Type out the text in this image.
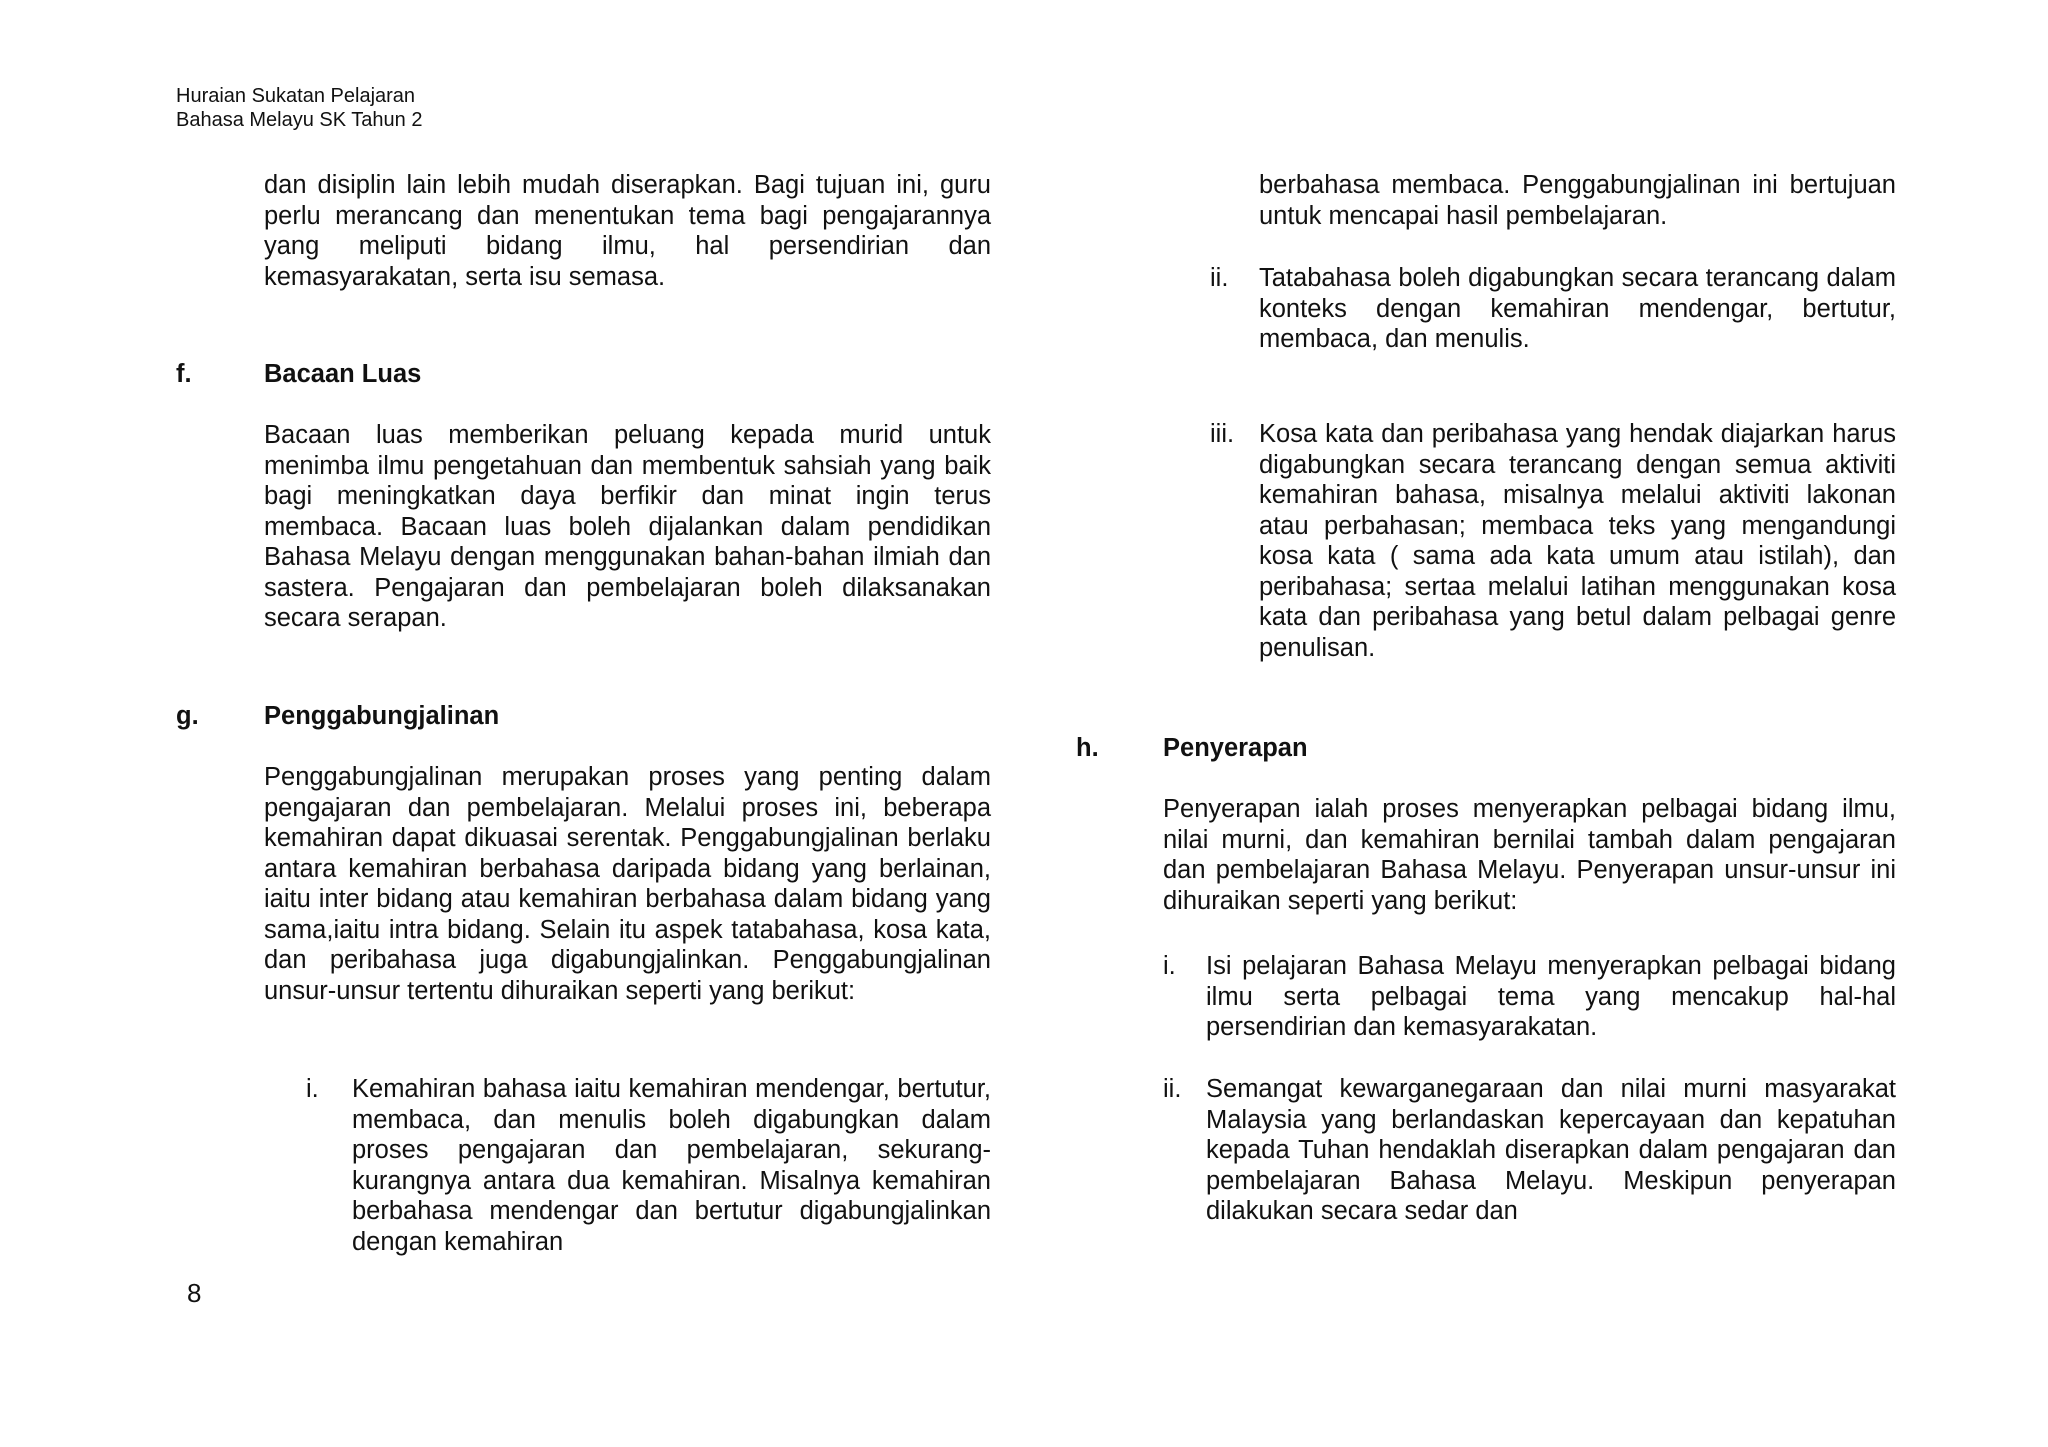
Huraian Sukatan Pelajaran
Bahasa Melayu SK Tahun 2

dan disiplin lain lebih mudah diserapkan. Bagi tujuan ini, guru perlu merancang dan menentukan tema bagi pengajarannya yang meliputi bidang ilmu, hal persendirian dan kemasyarakatan, serta isu semasa.

f.	Bacaan Luas

Bacaan luas memberikan peluang kepada murid untuk menimba ilmu pengetahuan dan membentuk sahsiah yang baik bagi meningkatkan daya berfikir dan minat ingin terus membaca. Bacaan luas boleh dijalankan dalam pendidikan Bahasa Melayu dengan menggunakan bahan-bahan ilmiah dan sastera. Pengajaran dan pembelajaran boleh dilaksanakan secara serapan.

g.	Penggabungjalinan

Penggabungjalinan merupakan proses yang penting dalam pengajaran dan pembelajaran. Melalui proses ini, beberapa kemahiran dapat dikuasai serentak. Penggabungjalinan berlaku antara kemahiran berbahasa daripada bidang yang berlainan, iaitu inter bidang atau kemahiran berbahasa dalam bidang yang sama,iaitu intra bidang. Selain itu aspek tatabahasa, kosa kata, dan peribahasa juga digabungjalinkan. Penggabungjalinan unsur-unsur tertentu dihuraikan seperti yang berikut:

i.	Kemahiran bahasa iaitu kemahiran mendengar, bertutur, membaca, dan menulis boleh digabungkan dalam proses pengajaran dan pembelajaran, sekurang-kurangnya antara dua kemahiran. Misalnya kemahiran berbahasa mendengar dan bertutur digabungjalinkan dengan kemahiran
8

berbahasa membaca. Penggabungjalinan ini bertujuan untuk mencapai hasil pembelajaran.

ii.	Tatabahasa boleh digabungkan secara terancang dalam konteks dengan kemahiran mendengar, bertutur, membaca, dan menulis.
iii. Kosa kata dan peribahasa yang hendak diajarkan harus digabungkan secara terancang dengan semua aktiviti kemahiran bahasa, misalnya melalui aktiviti lakonan atau perbahasan; membaca teks yang mengandungi kosa kata ( sama ada kata umum atau istilah), dan peribahasa; sertaa melalui latihan menggunakan kosa kata dan peribahasa yang betul dalam pelbagai genre penulisan.
h.	Penyerapan

Penyerapan ialah proses menyerapkan pelbagai bidang ilmu, nilai murni, dan kemahiran bernilai tambah dalam pengajaran dan pembelajaran Bahasa Melayu. Penyerapan unsur-unsur ini dihuraikan seperti yang berikut:

i.	Isi pelajaran Bahasa Melayu menyerapkan pelbagai bidang ilmu serta pelbagai tema yang mencakup hal-hal persendirian dan kemasyarakatan.
ii. Semangat kewarganegaraan dan nilai murni masyarakat Malaysia yang berlandaskan kepercayaan dan kepatuhan kepada Tuhan hendaklah diserapkan dalam pengajaran dan pembelajaran Bahasa Melayu. Meskipun penyerapan dilakukan secara sedar dan
